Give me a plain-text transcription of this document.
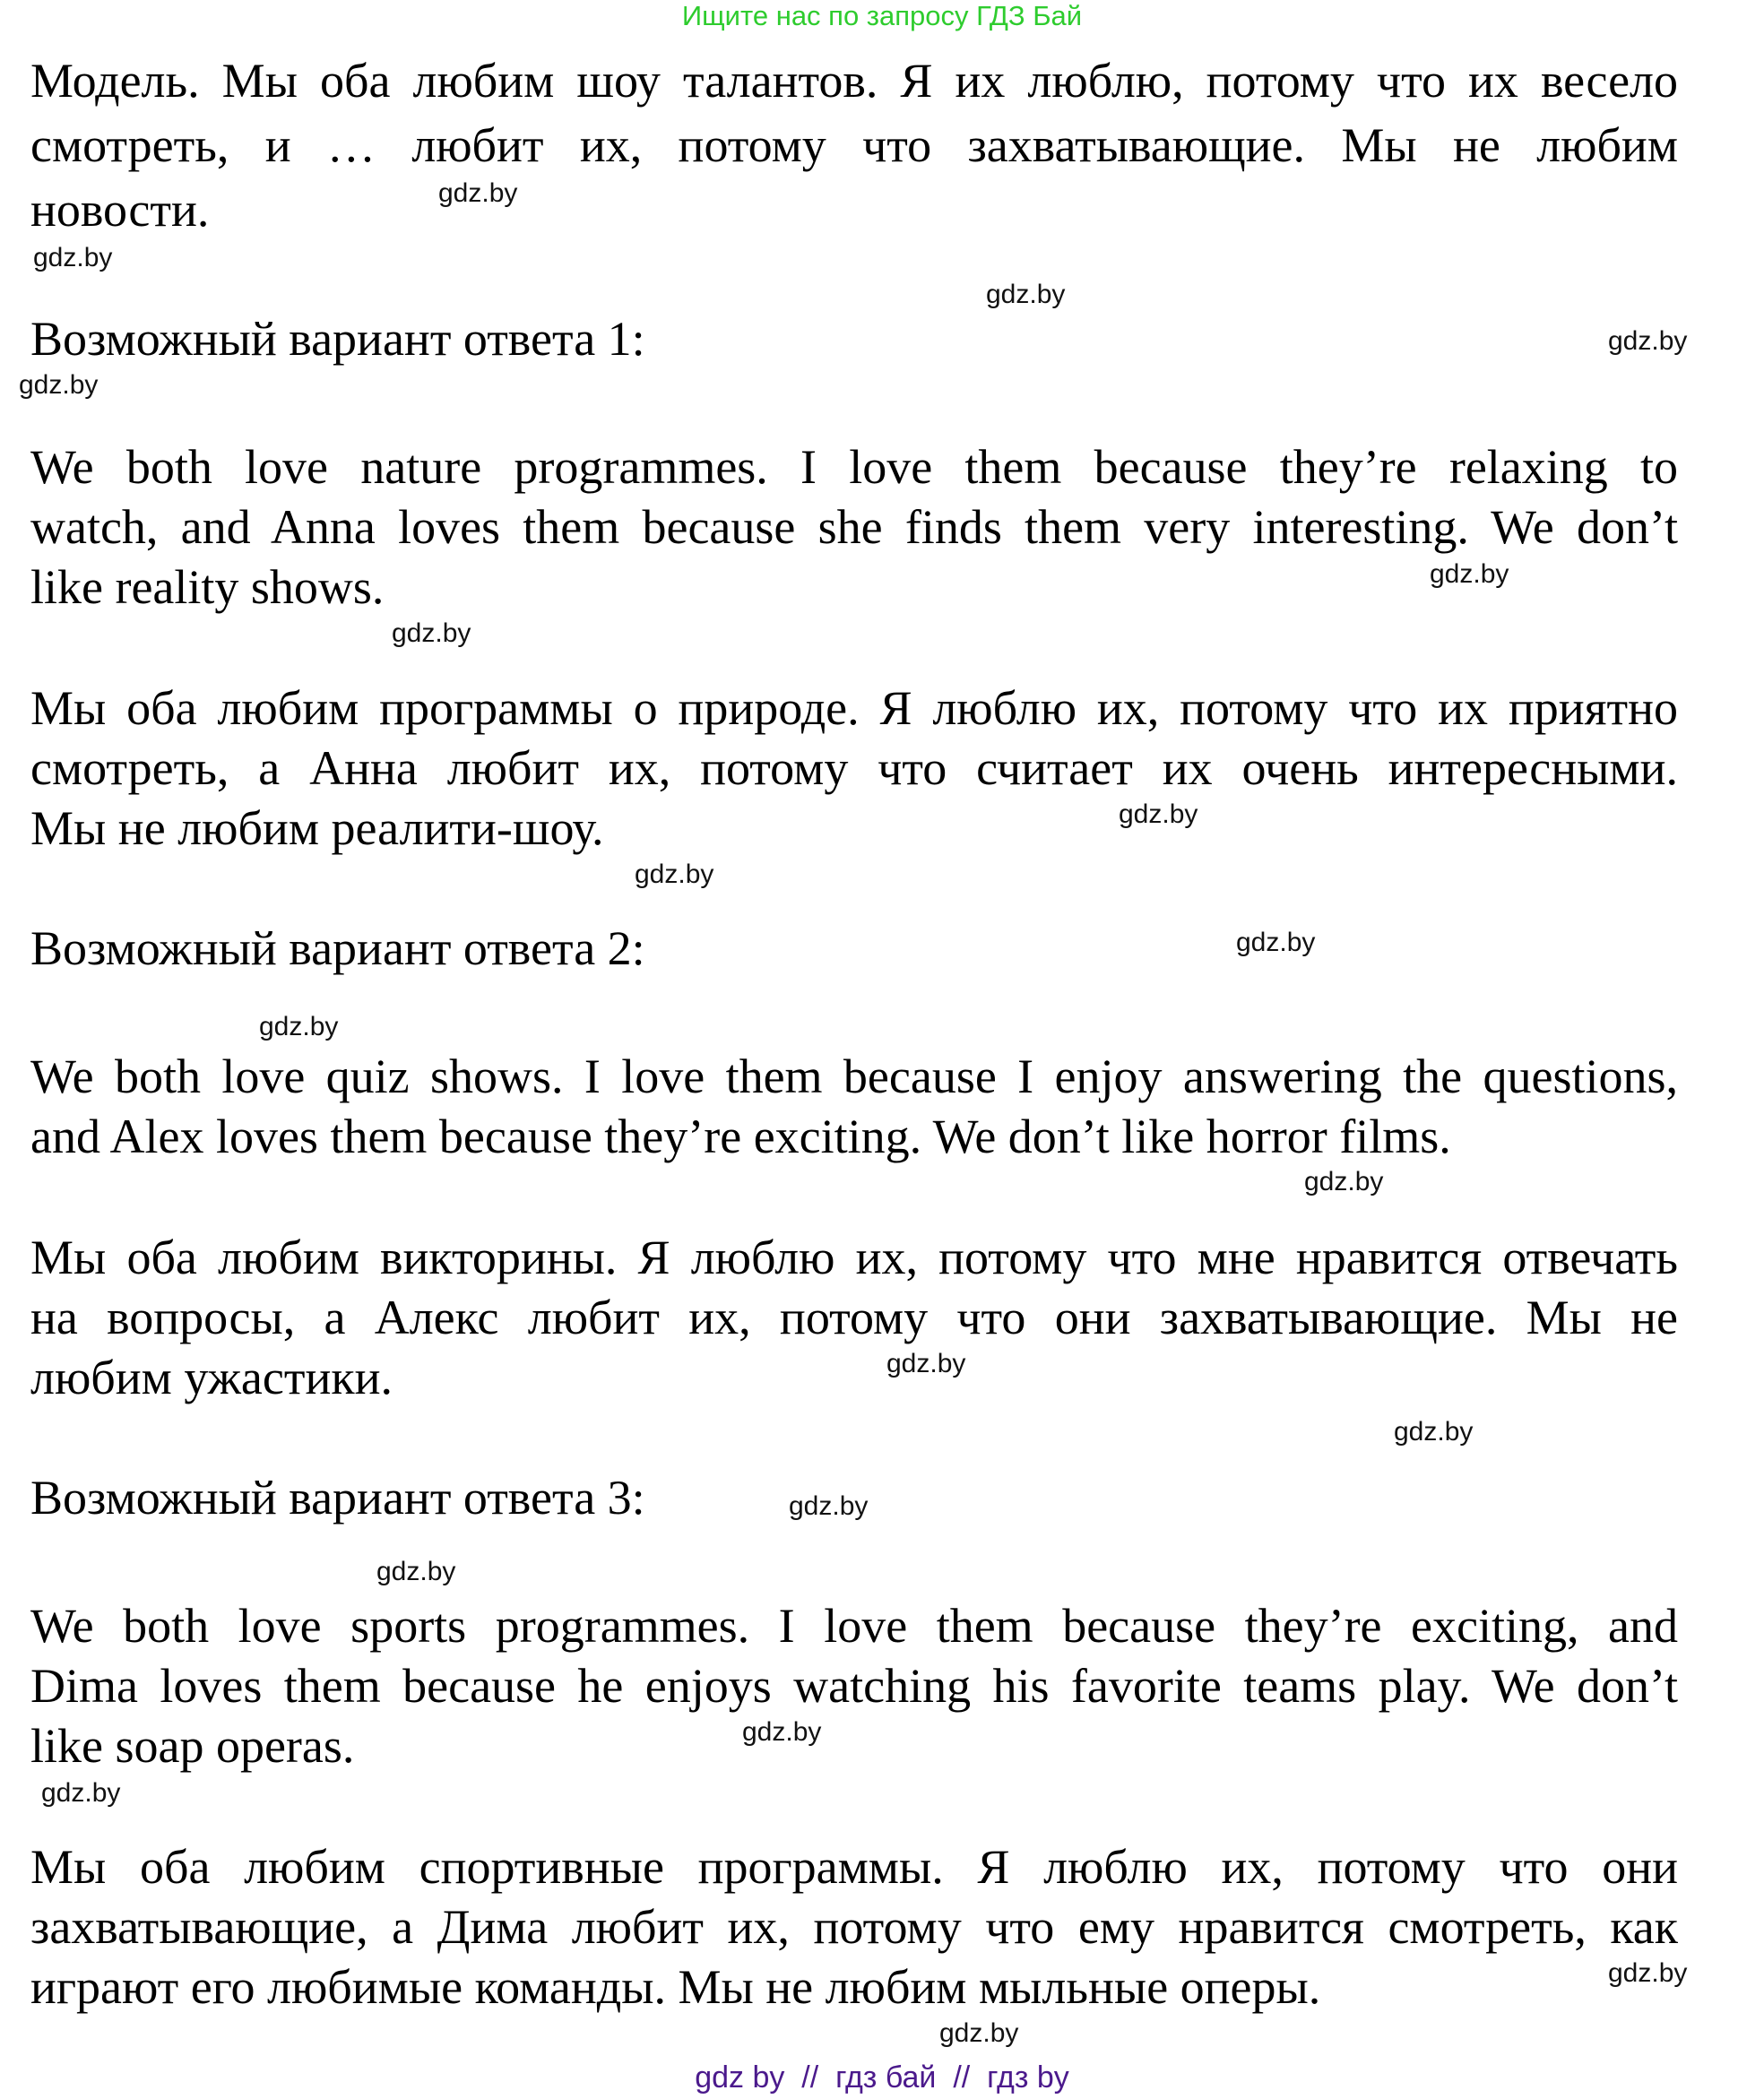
Ищите нас по запросу ГДЗ Бай
Модель. Мы оба любим шоу талантов. Я их люблю, потому что их весело
смотреть, и … любит их, потому что захватывающие. Мы не любим
новости.
Возможный вариант ответа 1:
We both love nature programmes. I love them because they’re relaxing to
watch, and Anna loves them because she finds them very interesting. We don’t
like reality shows.
Мы оба любим программы о природе. Я люблю их, потому что их приятно
смотреть, а Анна любит их, потому что считает их очень интересными.
Мы не любим реалити-шоу.
Возможный вариант ответа 2:
We both love quiz shows. I love them because I enjoy answering the questions,
and Alex loves them because they’re exciting. We don’t like horror films.
Мы оба любим викторины. Я люблю их, потому что мне нравится отвечать
на вопросы, а Алекс любит их, потому что они захватывающие. Мы не
любим ужастики.
Возможный вариант ответа 3:
We both love sports programmes. I love them because they’re exciting, and
Dima loves them because he enjoys watching his favorite teams play. We don’t
like soap operas.
Мы оба любим спортивные программы. Я люблю их, потому что они
захватывающие, а Дима любит их, потому что ему нравится смотреть, как
играют его любимые команды. Мы не любим мыльные оперы.
gdz.by
gdz.by
gdz.by
gdz.by
gdz.by
gdz.by
gdz.by
gdz.by
gdz.by
gdz.by
gdz.by
gdz.by
gdz.by
gdz.by
gdz.by
gdz.by
gdz.by
gdz.by
gdz.by
gdz.by
gdz by  //  гдз бай  //  гдз by
